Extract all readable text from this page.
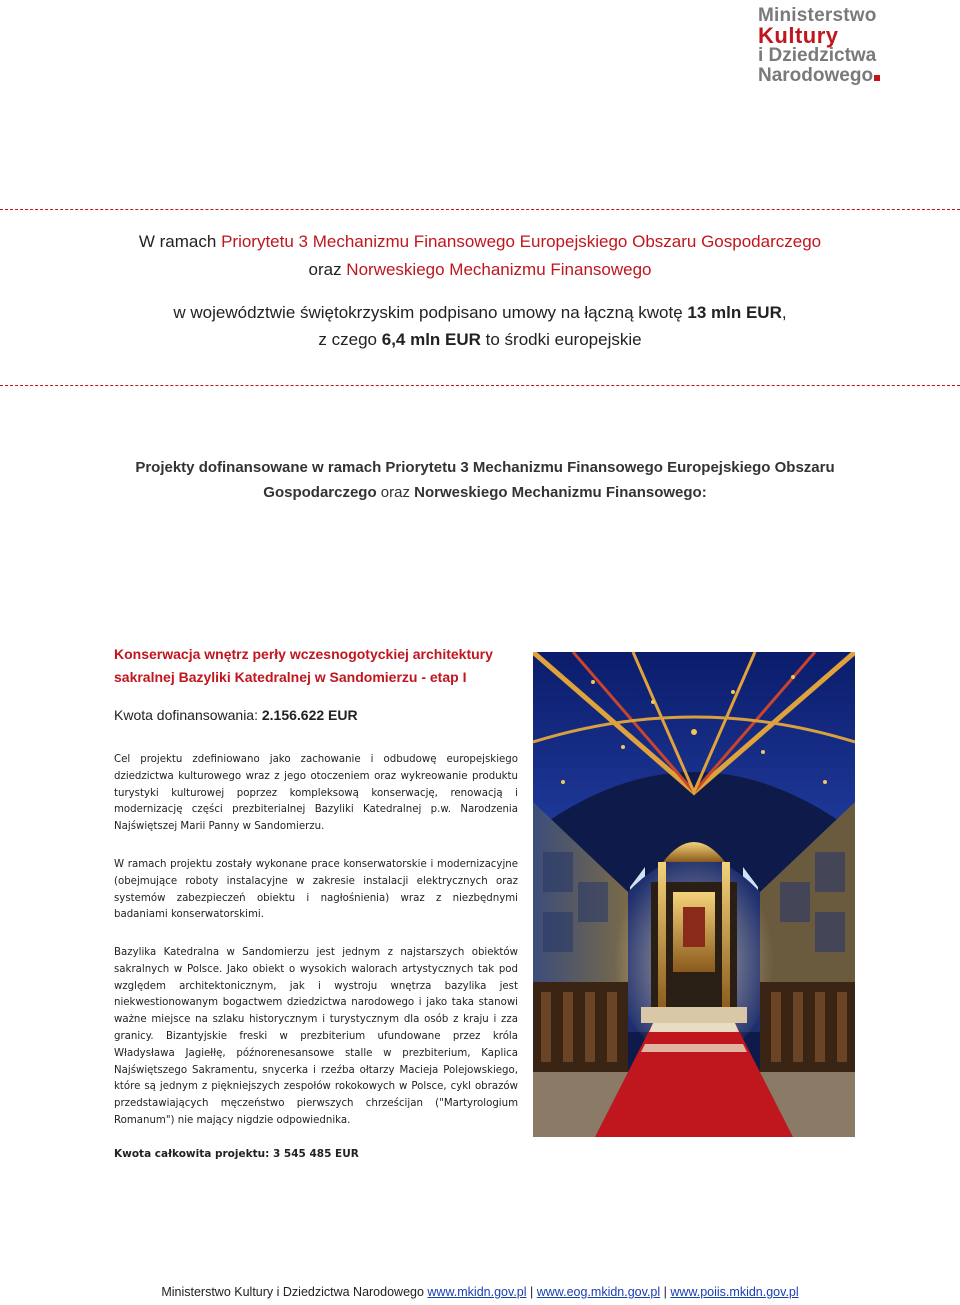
Ministerstwo
Kultury
i Dziedzictwa
Narodowego
W ramach Priorytetu 3 Mechanizmu Finansowego Europejskiego Obszaru Gospodarczego
oraz Norweskiego Mechanizmu Finansowego
w województwie świętokrzyskim podpisano umowy na łączną kwotę 13 mln EUR,
z czego 6,4 mln EUR to środki europejskie
Projekty dofinansowane w ramach Priorytetu 3 Mechanizmu Finansowego Europejskiego Obszaru
Gospodarczego oraz Norweskiego Mechanizmu Finansowego:
Konserwacja wnętrz perły wczesnogotyckiej architektury
sakralnej Bazyliki Katedralnej w Sandomierzu - etap I
Kwota dofinansowania: 2.156.622 EUR
Cel projektu zdefiniowano jako zachowanie i odbudowę europejskiego dziedzictwa kulturowego wraz z jego otoczeniem oraz wykreowanie produktu turystyki kulturowej poprzez kompleksową konserwację, renowacją i modernizację części prezbiterialnej Bazyliki Katedralnej p.w. Narodzenia Najświętszej Marii Panny w Sandomierzu.
W ramach projektu zostały wykonane prace konserwatorskie i modernizacyjne (obejmujące roboty instalacyjne w zakresie instalacji elektrycznych oraz systemów zabezpieczeń obiektu i nagłośnienia) wraz z niezbędnymi badaniami konserwatorskimi.
Bazylika Katedralna w Sandomierzu jest jednym z najstarszych obiektów sakralnych w Polsce. Jako obiekt o wysokich walorach artystycznych tak pod względem architektonicznym, jak i wystroju wnętrza bazylika jest niekwestionowanym bogactwem dziedzictwa narodowego i jako taka stanowi ważne miejsce na szlaku historycznym i turystycznym dla osób z kraju i zza granicy. Bizantyjskie freski w prezbiterium ufundowane przez króla Władysława Jagiełłę, późnorenesansowe stalle w prezbiterium, Kaplica Najświętszego Sakramentu, snycerka i rzeźba ołtarzy Macieja Polejowskiego, które są jednym z piękniejszych zespołów rokokowych w Polsce, cykl obrazów przedstawiających męczeństwo pierwszych chrześcijan ("Martyrologium Romanum") nie mający nigdzie odpowiednika.
Kwota całkowita projektu: 3 545 485 EUR
Ministerstwo Kultury i Dziedzictwa Narodowego www.mkidn.gov.pl | www.eog.mkidn.gov.pl | www.poiis.mkidn.gov.pl
